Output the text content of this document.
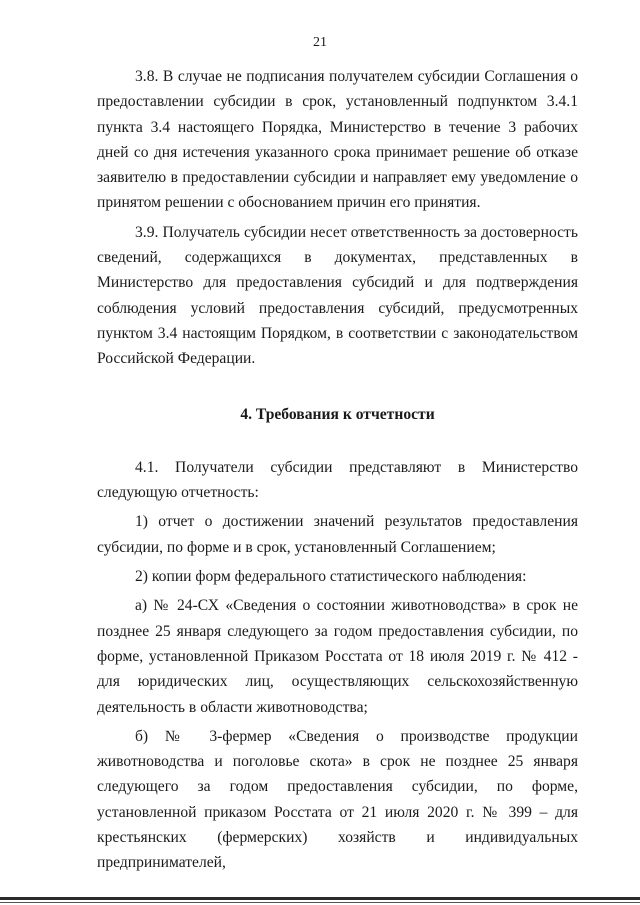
21

3.8. В случае не подписания получателем субсидии Соглашения о предоставлении субсидии в срок, установленный подпунктом 3.4.1 пункта 3.4 настоящего Порядка, Министерство в течение 3 рабочих дней со дня истечения указанного срока принимает решение об отказе заявителю в предоставлении субсидии и направляет ему уведомление о принятом решении с обоснованием причин его принятия.

3.9. Получатель субсидии несет ответственность за достоверность сведений, содержащихся в документах, представленных в Министерство для предоставления субсидий и для подтверждения соблюдения условий предоставления субсидий, предусмотренных пунктом 3.4 настоящим Порядком, в соответствии с законодательством Российской Федерации.

4. Требования к отчетности

4.1. Получатели субсидии представляют в Министерство следующую отчетность:

1) отчет о достижении значений результатов предоставления субсидии, по форме и в срок, установленный Соглашением;

2) копии форм федерального статистического наблюдения:

а) № 24-СХ «Сведения о состоянии животноводства» в срок не позднее 25 января следующего за годом предоставления субсидии, по форме, установленной Приказом Росстата от 18 июля 2019 г. № 412 - для юридических лиц, осуществляющих сельскохозяйственную деятельность в области животноводства;

б) № 3-фермер «Сведения о производстве продукции животноводства и поголовье скота» в срок не позднее 25 января следующего за годом предоставления субсидии, по форме, установленной приказом Росстата от 21 июля 2020 г. № 399 – для крестьянских (фермерских) хозяйств и индивидуальных предпринимателей,
